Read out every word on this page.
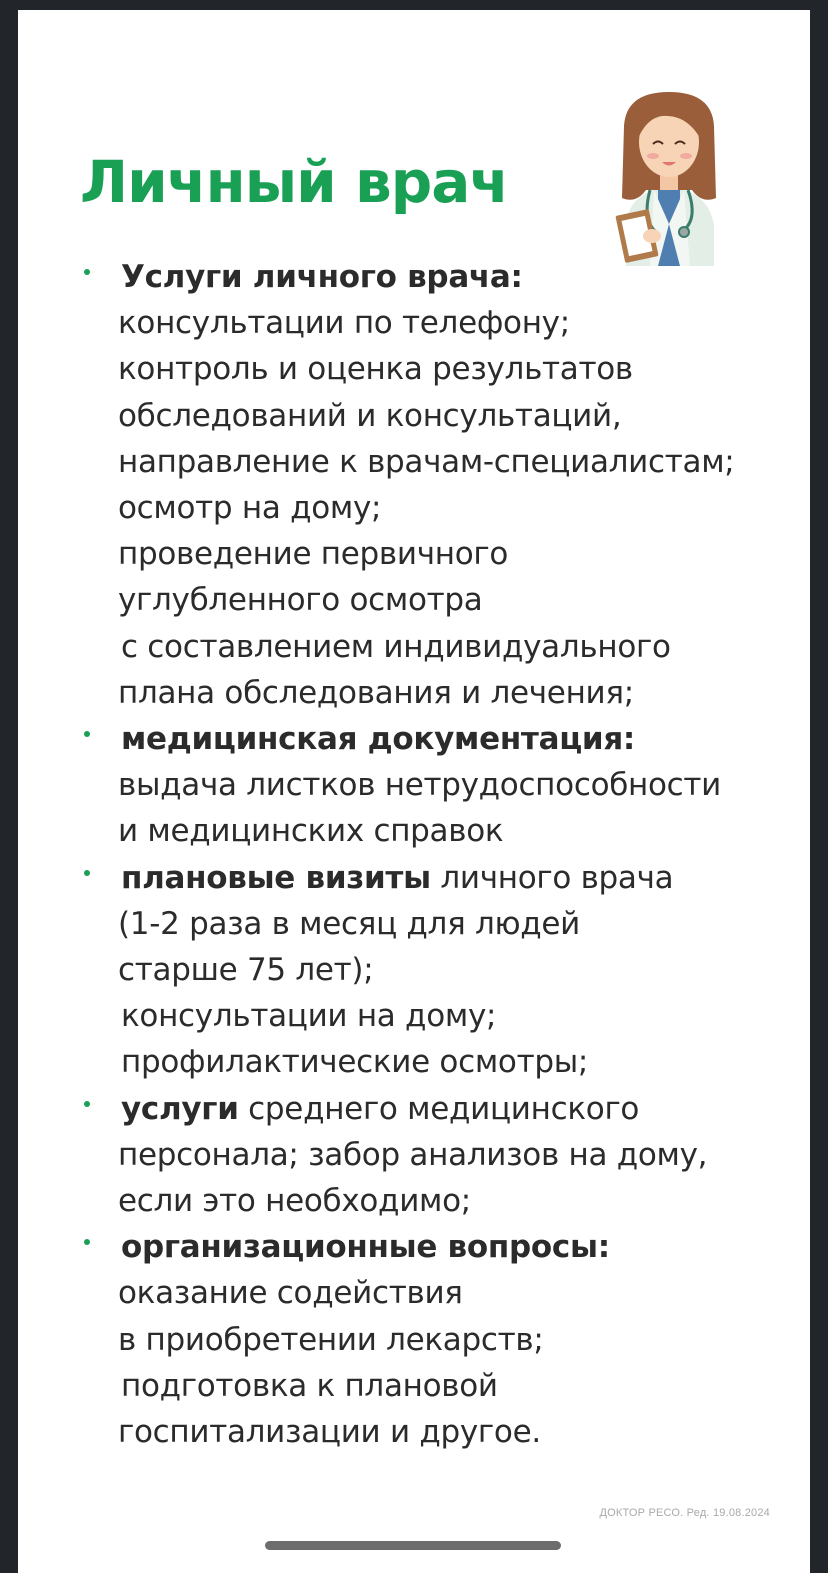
Личный врач
Услуги личного врача:
консультации по телефону;
контроль и оценка результатов
обследований и консультаций,
направление к врачам-специалистам;
осмотр на дому;
проведение первичного
углубленного осмотра
с составлением индивидуального
плана обследования и лечения;
медицинская документация:
выдача листков нетрудоспособности
и медицинских справок
плановые визиты личного врача
(1-2 раза в месяц для людей
старше 75 лет);
консультации на дому;
профилактические осмотры;
услуги среднего медицинского
персонала; забор анализов на дому,
если это необходимо;
организационные вопросы:
оказание содействия
в приобретении лекарств;
подготовка к плановой
госпитализации и другое.
ДОКТОР РЕСО. Ред. 19.08.2024
